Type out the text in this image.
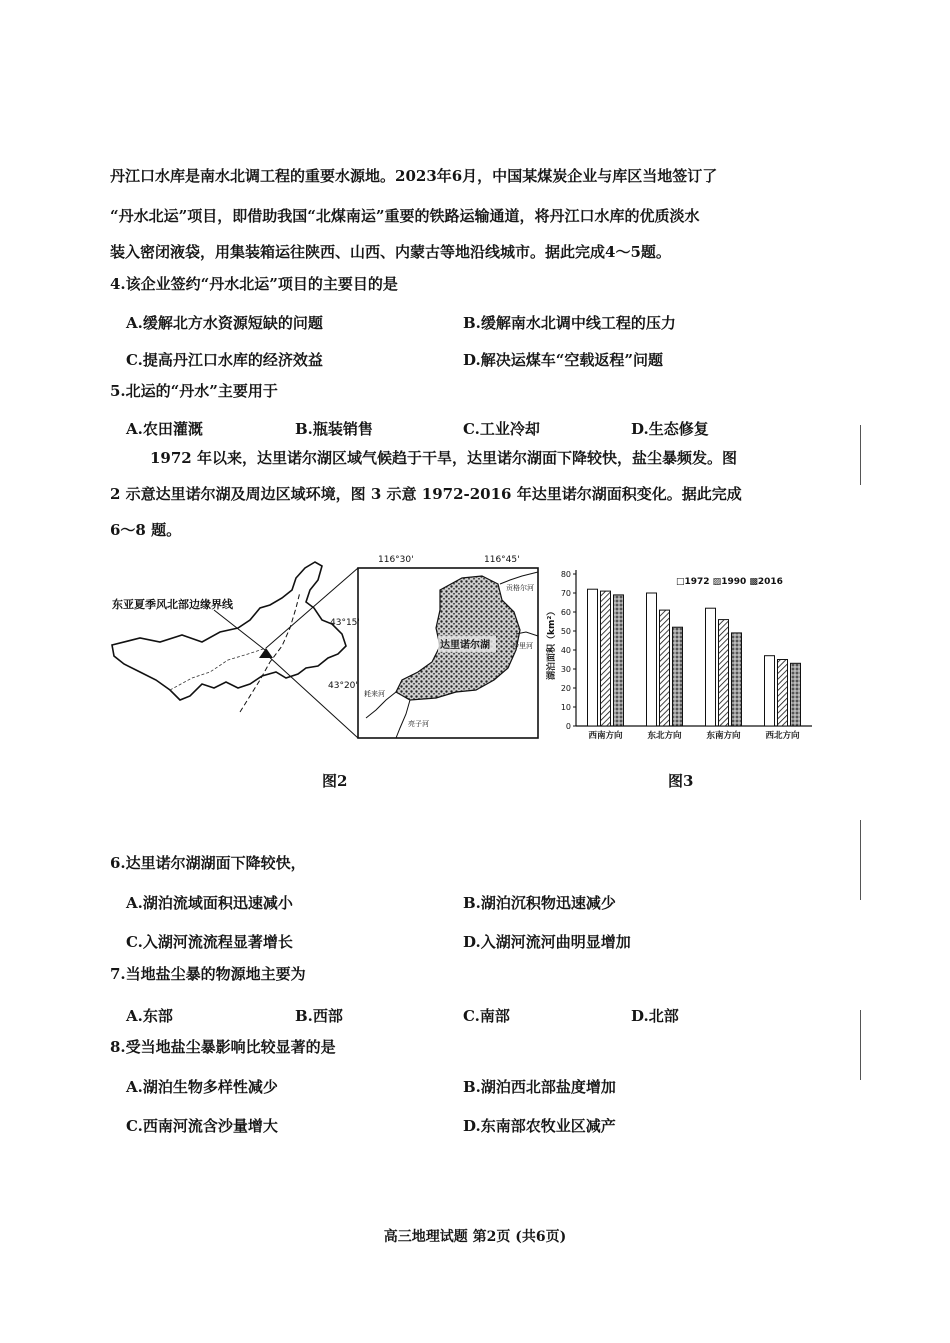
丹江口水库是南水北调工程的重要水源地。2023年6月，中国某煤炭企业与库区当地签订了
“丹水北运”项目，即借助我国“北煤南运”重要的铁路运输通道，将丹江口水库的优质淡水
装入密闭液袋，用集装箱运往陕西、山西、内蒙古等地沿线城市。据此完成4～5题。
4.该企业签约“丹水北运”项目的主要目的是
A.缓解北方水资源短缺的问题	B.缓解南水北调中线工程的压力
C.提高丹江口水库的经济效益	D.解决运煤车“空载返程”问题
5.北运的“丹水”主要用于
A.农田灌溉	B.瓶装销售	C.工业冷却	D.生态修复
1972 年以来，达里诺尔湖区域气候趋于干旱，达里诺尔湖面下降较快，盐尘暴频发。图
2 示意达里诺尔湖及周边区域环境，图 3 示意 1972-2016 年达里诺尔湖面积变化。据此完成
6～8 题。
东亚夏季风北部边缘界线
116°30'	116°45'
43°15'
43°20'
达里诺尔湖
贡格尔河
沙里河
亮子河
耗来河
图2
湖泊面积（km²）
□1972 ▨1990 ▩2016
0
10
20
30
40
50
60
70
80
西南方向	东北方向	东南方向	西北方向
图3
6.达里诺尔湖湖面下降较快，
A.湖泊流域面积迅速减小	B.湖泊沉积物迅速减少
C.入湖河流流程显著增长	D.入湖河流河曲明显增加
7.当地盐尘暴的物源地主要为
A.东部	B.西部	C.南部	D.北部
8.受当地盐尘暴影响比较显著的是
A.湖泊生物多样性减少	B.湖泊西北部盐度增加
C.西南河流含沙量增大	D.东南部农牧业区减产
高三地理试题 第2页 (共6页)
